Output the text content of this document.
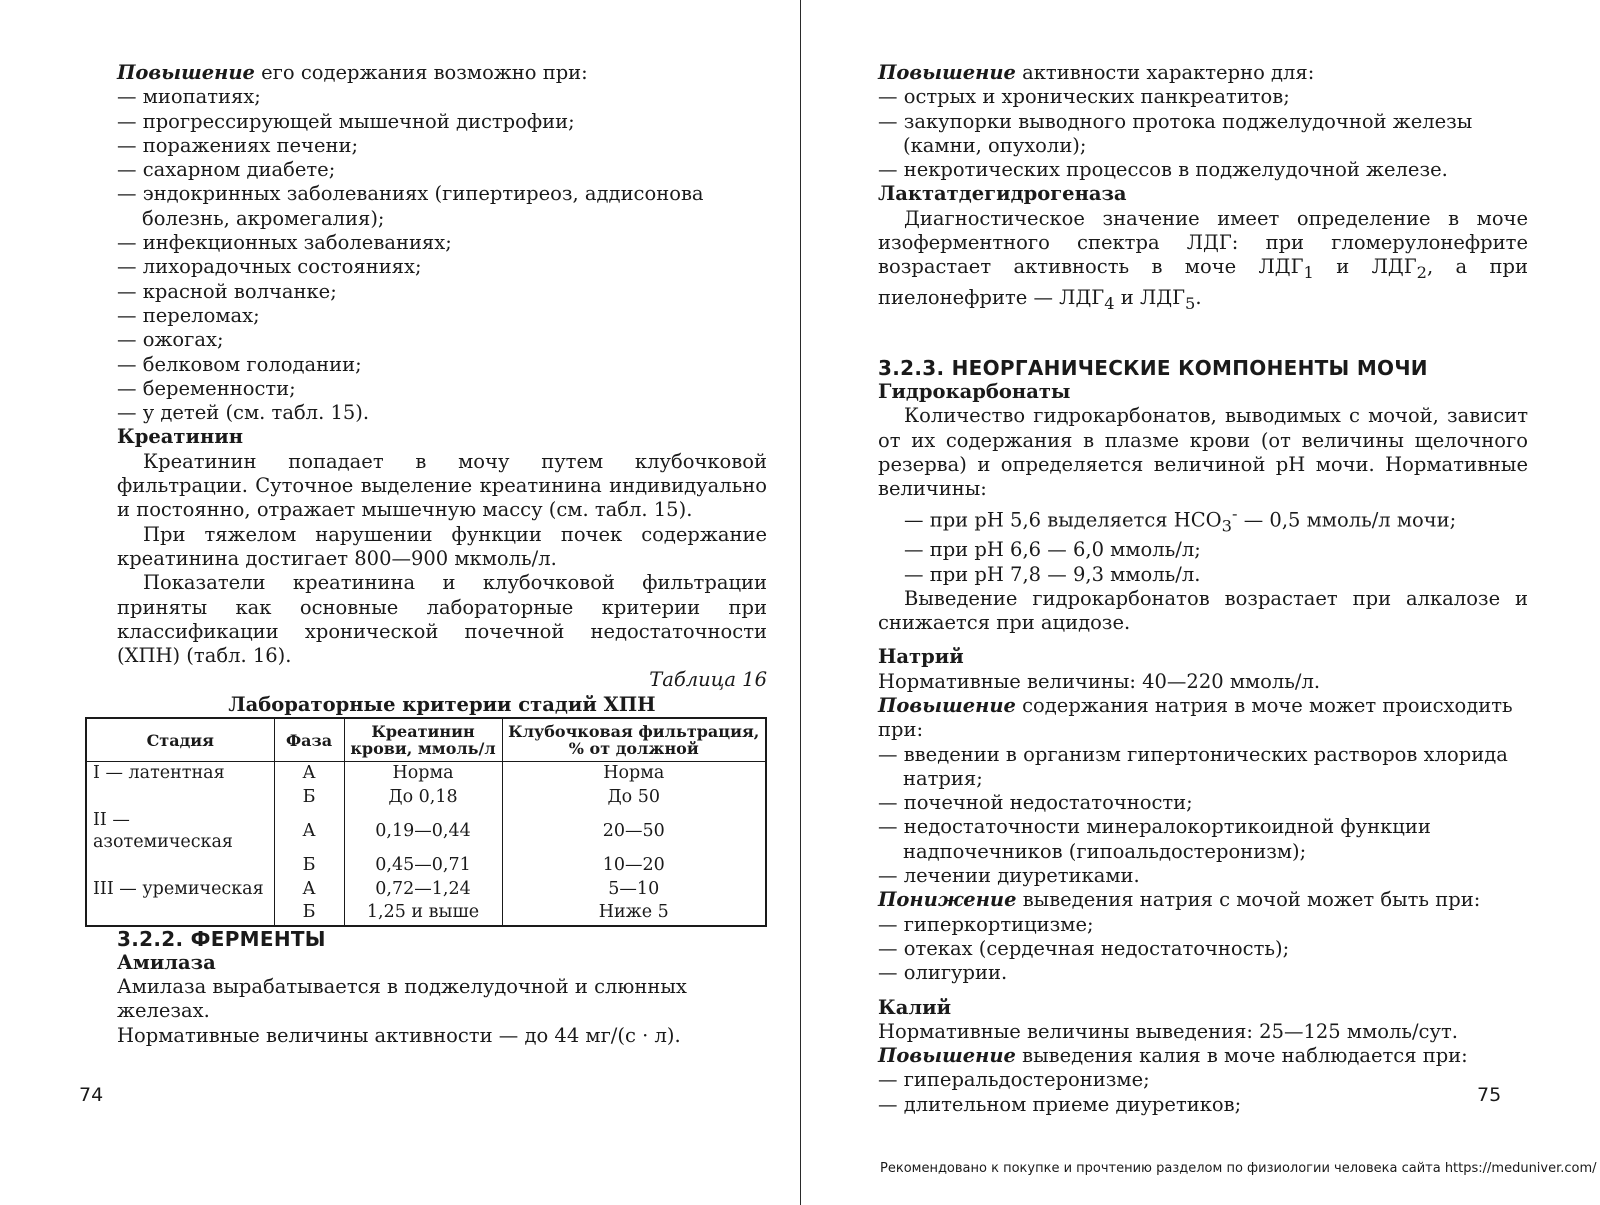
Повышение его содержания возможно при:

— миопатиях;

— прогрессирующей мышечной дистрофии;

— поражениях печени;

— сахарном диабете;

— эндокринных заболеваниях (гипертиреоз, аддисонова болезнь, акромегалия);

— инфекционных заболеваниях;

— лихорадочных состояниях;

— красной волчанке;

— переломах;

— ожогах;

— белковом голодании;

— беременности;

— у детей (см. табл. 15).

Креатинин

Креатинин попадает в мочу путем клубочковой фильтрации. Суточное выделение креатинина индивидуально и постоянно, отражает мышечную массу (см. табл. 15).

При тяжелом нарушении функции почек содержание креатинина достигает 800—900 мкмоль/л.

Показатели креатинина и клубочковой фильтрации приняты как основные лабораторные критерии при классификации хронической почечной недостаточности (ХПН) (табл. 16).

Таблица 16

Лабораторные критерии стадий ХПН

Стадия	Фаза	Креатинин крови, ммоль/л	Клубочковая фильтрация, % от должной
I — латентная	А	Норма	Норма
	Б	До 0,18	До 50
II — азотемическая	А	0,19—0,44	20—50
	Б	0,45—0,71	10—20
III — уремическая	А	0,72—1,24	5—10
	Б	1,25 и выше	Ниже 5

3.2.2. ФЕРМЕНТЫ

Амилаза

Амилаза вырабатывается в поджелудочной и слюнных железах.

Нормативные величины активности — до 44 мг/(с · л).

74

Повышение активности характерно для:

— острых и хронических панкреатитов;

— закупорки выводного протока поджелудочной железы (камни, опухоли);

— некротических процессов в поджелудочной железе.

Лактатдегидрогеназа

Диагностическое значение имеет определение в моче изоферментного спектра ЛДГ: при гломерулонефрите возрастает активность в моче $ЛДГ_1$ и $ЛДГ_2$, а при пиелонефрите — $ЛДГ_4$ и $ЛДГ_5$.

3.2.3. НЕОРГАНИЧЕСКИЕ КОМПОНЕНТЫ МОЧИ

Гидрокарбонаты

Количество гидрокарбонатов, выводимых с мочой, зависит от их содержания в плазме крови (от величины щелочного резерва) и определяется величиной pH мочи. Нормативные величины:

— при pH 5,6 выделяется $HCO_3^-$ — 0,5 ммоль/л мочи;

— при pH 6,6 — 6,0 ммоль/л;

— при pH 7,8 — 9,3 ммоль/л.

Выведение гидрокарбонатов возрастает при алкалозе и снижается при ацидозе.

Натрий

Нормативные величины: 40—220 ммоль/л.

Повышение содержания натрия в моче может происходить при:

— введении в организм гипертонических растворов хлорида натрия;

— почечной недостаточности;

— недостаточности минералокортикоидной функции надпочечников (гипоальдостеронизм);

— лечении диуретиками.

Понижение выведения натрия с мочой может быть при:

— гиперкортицизме;

— отеках (сердечная недостаточность);

— олигурии.

Калий

Нормативные величины выведения: 25—125 ммоль/сут.

Повышение выведения калия в моче наблюдается при:

— гиперальдостеронизме;

— длительном приеме диуретиков;	75
Рекомендовано к покупке и прочтению разделом по физиологии человека сайта https://meduniver.com/
